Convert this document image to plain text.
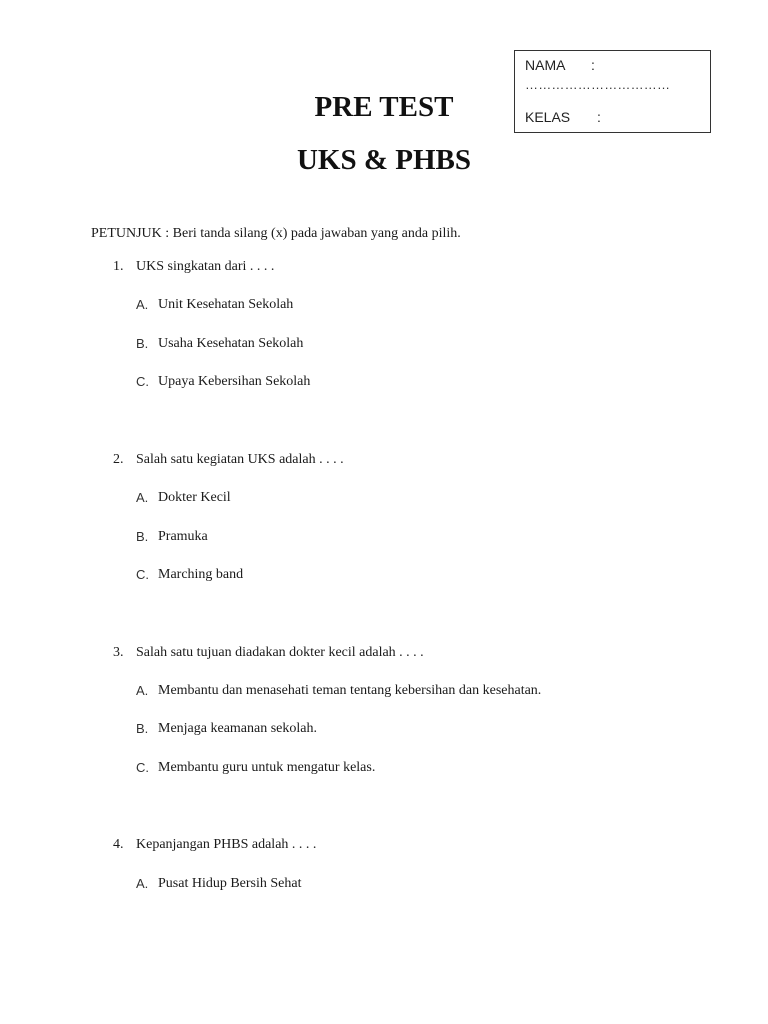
NAMA :
……………………………
KELAS :
PRE TEST
UKS & PHBS
PETUNJUK : Beri tanda silang (x) pada jawaban yang anda pilih.
1. UKS singkatan dari . . . .
A. Unit Kesehatan Sekolah
B. Usaha Kesehatan Sekolah
C. Upaya Kebersihan Sekolah
2. Salah satu kegiatan UKS adalah . . . .
A. Dokter Kecil
B. Pramuka
C. Marching band
3. Salah satu tujuan diadakan dokter kecil adalah . . . .
A. Membantu dan menasehati teman tentang kebersihan dan kesehatan.
B. Menjaga keamanan sekolah.
C. Membantu guru untuk mengatur kelas.
4. Kepanjangan PHBS adalah . . . .
A. Pusat Hidup Bersih Sehat
